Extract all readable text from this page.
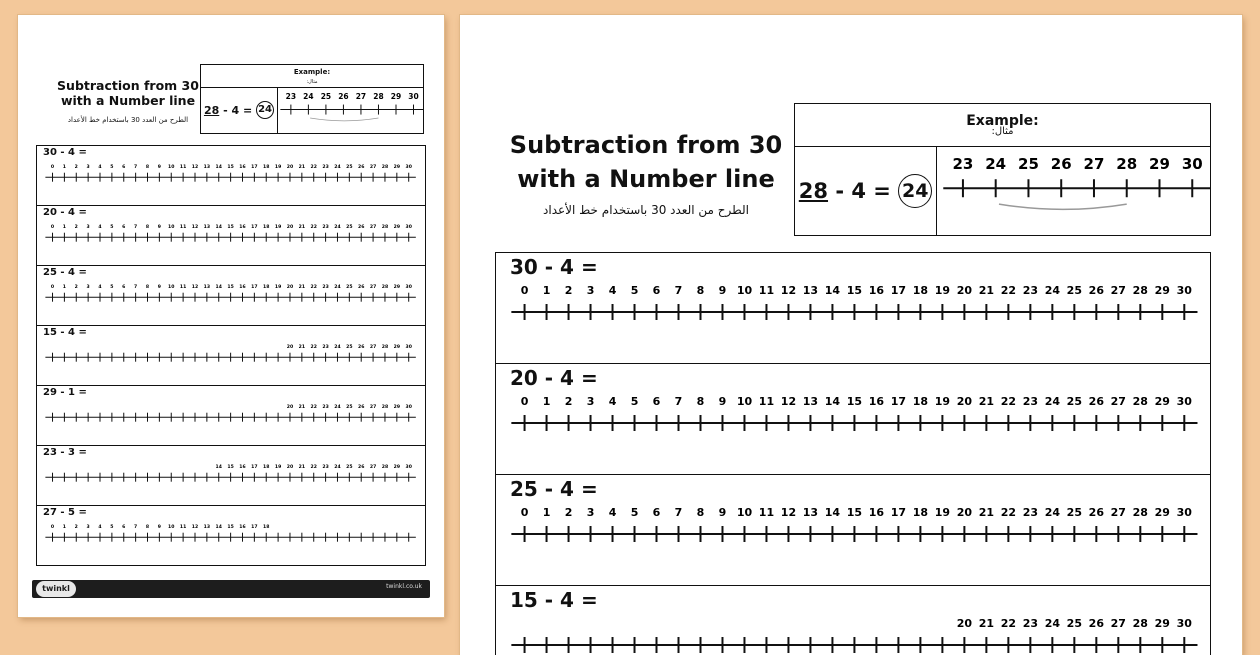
Subtraction from 30
with a Number line
الطرح من العدد 30 باستخدام خط الأعداد
Example:
مثال:
28 - 4 = 24
23 24 25 26 27 28 29 30
30 - 4 =
0 1 2 3 4 5 6 7 8 9 10 11 12 13 14 15 16 17 18 19 20 21 22 23 24 25 26 27 28 29 30
20 - 4 =
0 1 2 3 4 5 6 7 8 9 10 11 12 13 14 15 16 17 18 19 20 21 22 23 24 25 26 27 28 29 30
25 - 4 =
0 1 2 3 4 5 6 7 8 9 10 11 12 13 14 15 16 17 18 19 20 21 22 23 24 25 26 27 28 29 30
15 - 4 =
20 21 22 23 24 25 26 27 28 29 30
29 - 1 =
20 21 22 23 24 25 26 27 28 29 30
23 - 3 =
14 15 16 17 18 19 20 21 22 23 24 25 26 27 28 29 30
27 - 5 =
0 1 2 3 4 5 6 7 8 9 10 11 12 13 14 15 16 17 18
twinkl	twinkl.co.uk
Subtraction from 30
with a Number line
الطرح من العدد 30 باستخدام خط الأعداد
Example:
مثال:
28 - 4 = 24
23 24 25 26 27 28 29 30
30 - 4 =
0 1 2 3 4 5 6 7 8 9 10 11 12 13 14 15 16 17 18 19 20 21 22 23 24 25 26 27 28 29 30
20 - 4 =
0 1 2 3 4 5 6 7 8 9 10 11 12 13 14 15 16 17 18 19 20 21 22 23 24 25 26 27 28 29 30
25 - 4 =
0 1 2 3 4 5 6 7 8 9 10 11 12 13 14 15 16 17 18 19 20 21 22 23 24 25 26 27 28 29 30
15 - 4 =
20 21 22 23 24 25 26 27 28 29 30
